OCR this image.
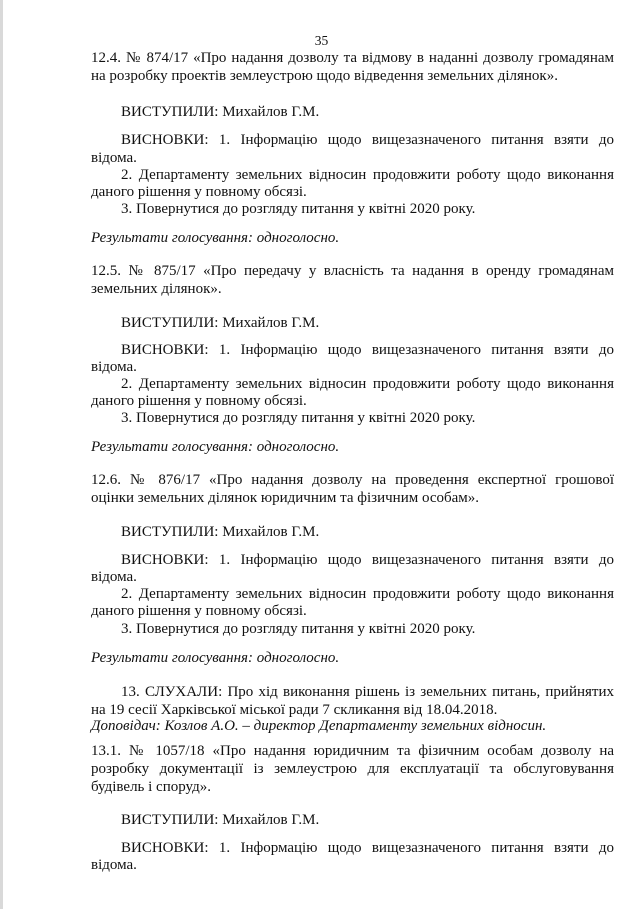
35
12.4. № 874/17 «Про надання дозволу та відмову в наданні дозволу громадянам
на розробку проектів землеустрою щодо відведення земельних ділянок».
ВИСТУПИЛИ: Михайлов Г.М.
ВИСНОВКИ: 1. Інформацію щодо вищезазначеного питання взяти до
відома.
2. Департаменту земельних відносин продовжити роботу щодо виконання
даного рішення у повному обсязі.
3. Повернутися до розгляду питання у квітні 2020 року.
Результати голосування: одноголосно.
12.5. № 875/17 «Про передачу у власність та надання в оренду громадянам
земельних ділянок».
ВИСТУПИЛИ: Михайлов Г.М.
ВИСНОВКИ: 1. Інформацію щодо вищезазначеного питання взяти до
відома.
2. Департаменту земельних відносин продовжити роботу щодо виконання
даного рішення у повному обсязі.
3. Повернутися до розгляду питання у квітні 2020 року.
Результати голосування: одноголосно.
12.6. № 876/17 «Про надання дозволу на проведення експертної грошової
оцінки земельних ділянок юридичним та фізичним особам».
ВИСТУПИЛИ: Михайлов Г.М.
ВИСНОВКИ: 1. Інформацію щодо вищезазначеного питання взяти до
відома.
2. Департаменту земельних відносин продовжити роботу щодо виконання
даного рішення у повному обсязі.
3. Повернутися до розгляду питання у квітні 2020 року.
Результати голосування: одноголосно.
13. СЛУХАЛИ: Про хід виконання рішень із земельних питань, прийнятих
на 19 сесії Харківської міської ради 7 скликання від 18.04.2018.
Доповідач: Козлов А.О. – директор Департаменту земельних відносин.
13.1. № 1057/18 «Про надання юридичним та фізичним особам дозволу на
розробку документації із землеустрою для експлуатації та обслуговування
будівель і споруд».
ВИСТУПИЛИ: Михайлов Г.М.
ВИСНОВКИ: 1. Інформацію щодо вищезазначеного питання взяти до
відома.
